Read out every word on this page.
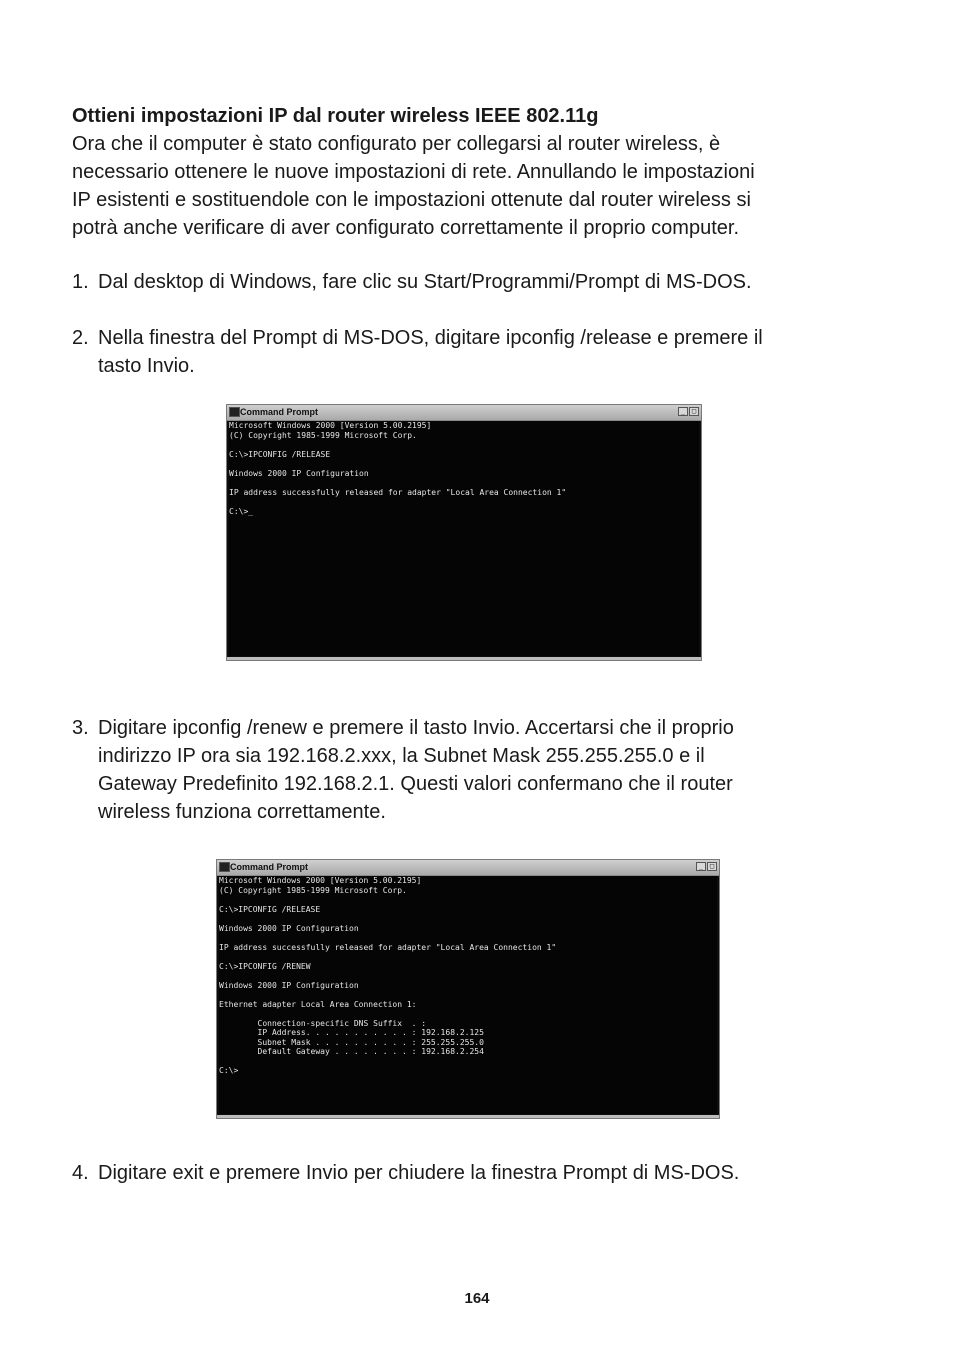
Ottieni impostazioni IP dal router wireless IEEE 802.11g
Ora che il computer è stato configurato per collegarsi al router wireless, è
necessario ottenere le nuove impostazioni di rete. Annullando le impostazioni
IP esistenti e sostituendole con le impostazioni ottenute dal router wireless si
potrà anche verificare di aver configurato correttamente il proprio computer.
1. Dal desktop di Windows, fare clic su Start/Programmi/Prompt di MS-DOS.
2. Nella finestra del Prompt di MS-DOS, digitare ipconfig /release e premere il
tasto Invio.
Command Prompt	_ □
Microsoft Windows 2000 [Version 5.00.2195]
(C) Copyright 1985-1999 Microsoft Corp.
C:\>IPCONFIG /RELEASE
Windows 2000 IP Configuration
IP address successfully released for adapter "Local Area Connection 1"
C:\>_
3. Digitare ipconfig /renew e premere il tasto Invio. Accertarsi che il proprio
indirizzo IP ora sia 192.168.2.xxx, la Subnet Mask 255.255.255.0 e il
Gateway Predefinito 192.168.2.1. Questi valori confermano che il router
wireless funziona correttamente.
Command Prompt	_ □
Microsoft Windows 2000 [Version 5.00.2195]
(C) Copyright 1985-1999 Microsoft Corp.
C:\>IPCONFIG /RELEASE
Windows 2000 IP Configuration
IP address successfully released for adapter "Local Area Connection 1"
C:\>IPCONFIG /RENEW
Windows 2000 IP Configuration
Ethernet adapter Local Area Connection 1:
Connection-specific DNS Suffix  . :
IP Address. . . . . . . . . . . : 192.168.2.125
Subnet Mask . . . . . . . . . . : 255.255.255.0
Default Gateway . . . . . . . . : 192.168.2.254
C:\>
4. Digitare exit e premere Invio per chiudere la finestra Prompt di MS-DOS.
164
